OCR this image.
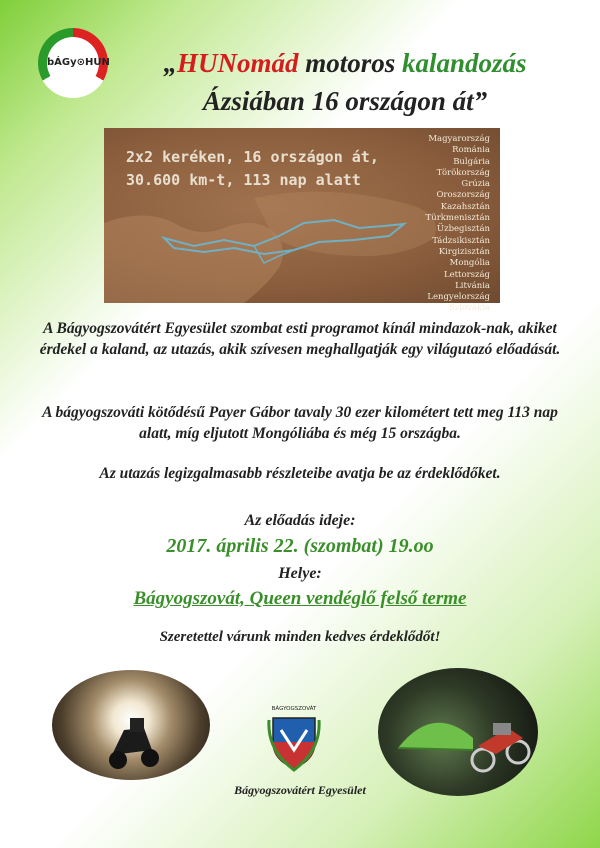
bÁGy⊙HUN	„HUNomád motoros kalandozás
Ázsiában 16 országon át”
2x2 keréken, 16 országon át,
30.600 km-t, 113 nap alatt
Magyarország
Románia
Bulgária
Törökország
Grúzia
Oroszország
Kazahsztán
Türkmenisztán
Üzbegisztán
Tádzsikisztán
Kirgizisztán
Mongólia
Lettország
Litvánia
Lengyelország
Szlovákia
A Bágyogszovátért Egyesület szombat esti programot kínál mindazok-nak, akiket érdekel a kaland, az utazás, akik szívesen meghallgatják egy világutazó előadását.
A bágyogszováti kötődésű Payer Gábor tavaly 30 ezer kilométert tett meg 113 nap alatt, míg eljutott Mongóliába és még 15 országba.
Az utazás legizgalmasabb részleteibe avatja be az érdeklődőket.
Az előadás ideje:
2017. április 22. (szombat) 19.oo
Helye:
Bágyogszovát, Queen vendéglő felső terme
Szeretettel várunk minden kedves érdeklődőt!
BÁGYOGSZOVÁT
Bágyogszovátért Egyesület
